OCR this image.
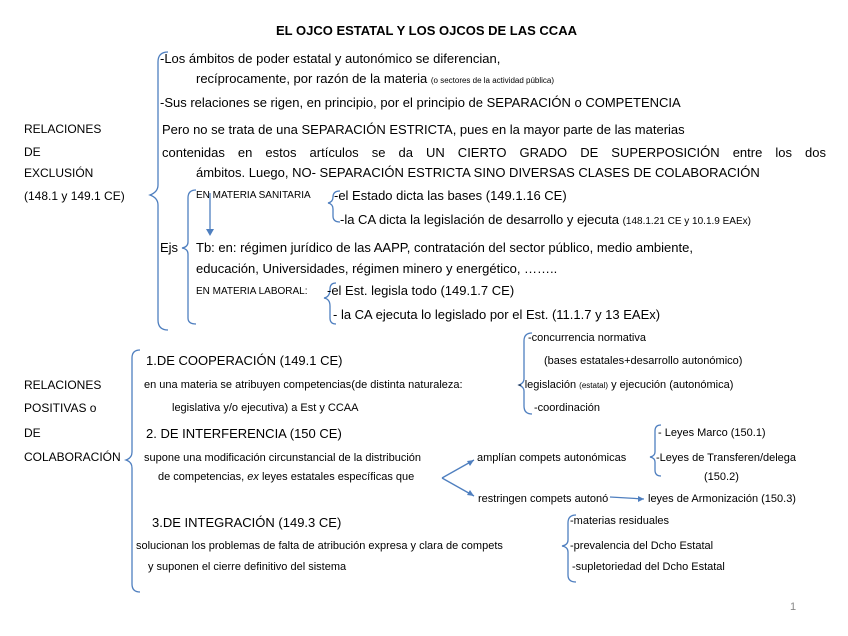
EL OJCO ESTATAL Y LOS OJCOS DE LAS CCAA
RELACIONES
DE
EXCLUSIÓN
(148.1 y 149.1 CE)
-Los ámbitos de poder estatal y autonómico se diferencian,
recíprocamente, por razón de la materia (o sectores de la actividad pública)
-Sus relaciones se rigen, en principio, por el principio de SEPARACIÓN o COMPETENCIA
Pero no se trata de una SEPARACIÓN ESTRICTA, pues en la mayor parte de las materias
contenidas en estos artículos se da UN CIERTO GRADO DE SUPERPOSICIÓN entre los dos
ámbitos. Luego, NO- SEPARACIÓN ESTRICTA SINO DIVERSAS CLASES DE COLABORACIÓN
EN MATERIA SANITARIA -el Estado dicta las bases (149.1.16 CE)
-la CA dicta la legislación de desarrollo y ejecuta (148.1.21 CE y 10.1.9 EAEx)
Ejs Tb: en: régimen jurídico de las AAPP, contratación del sector público, medio ambiente,
educación, Universidades, régimen minero y energético, ……..
EN MATERIA LABORAL: -el Est. legisla todo (149.1.7 CE)
- la CA ejecuta lo legislado por el Est. (11.1.7 y 13 EAEx)
RELACIONES
POSITIVAS o
DE
COLABORACIÓN
1.DE COOPERACIÓN (149.1 CE)
en una materia se atribuyen competencias(de distinta naturaleza:
legislativa y/o ejecutiva) a Est y CCAA
-concurrencia normativa
(bases estatales+desarrollo autonómico)
- legislación (estatal) y ejecución (autonómica)
-coordinación
2. DE INTERFERENCIA (150 CE)
supone una modificación circunstancial de la distribución
de competencias, ex leyes estatales específicas que
amplían compets autonómicas
restringen compets autonó
- Leyes Marco (150.1)
-Leyes de Transferen/delega
(150.2)
leyes de Armonización (150.3)
3.DE INTEGRACIÓN (149.3 CE)
solucionan los problemas de falta de atribución expresa y clara de compets
y suponen el cierre definitivo del sistema
-materias residuales
-prevalencia del Dcho Estatal
-supletoriedad del Dcho Estatal
1
